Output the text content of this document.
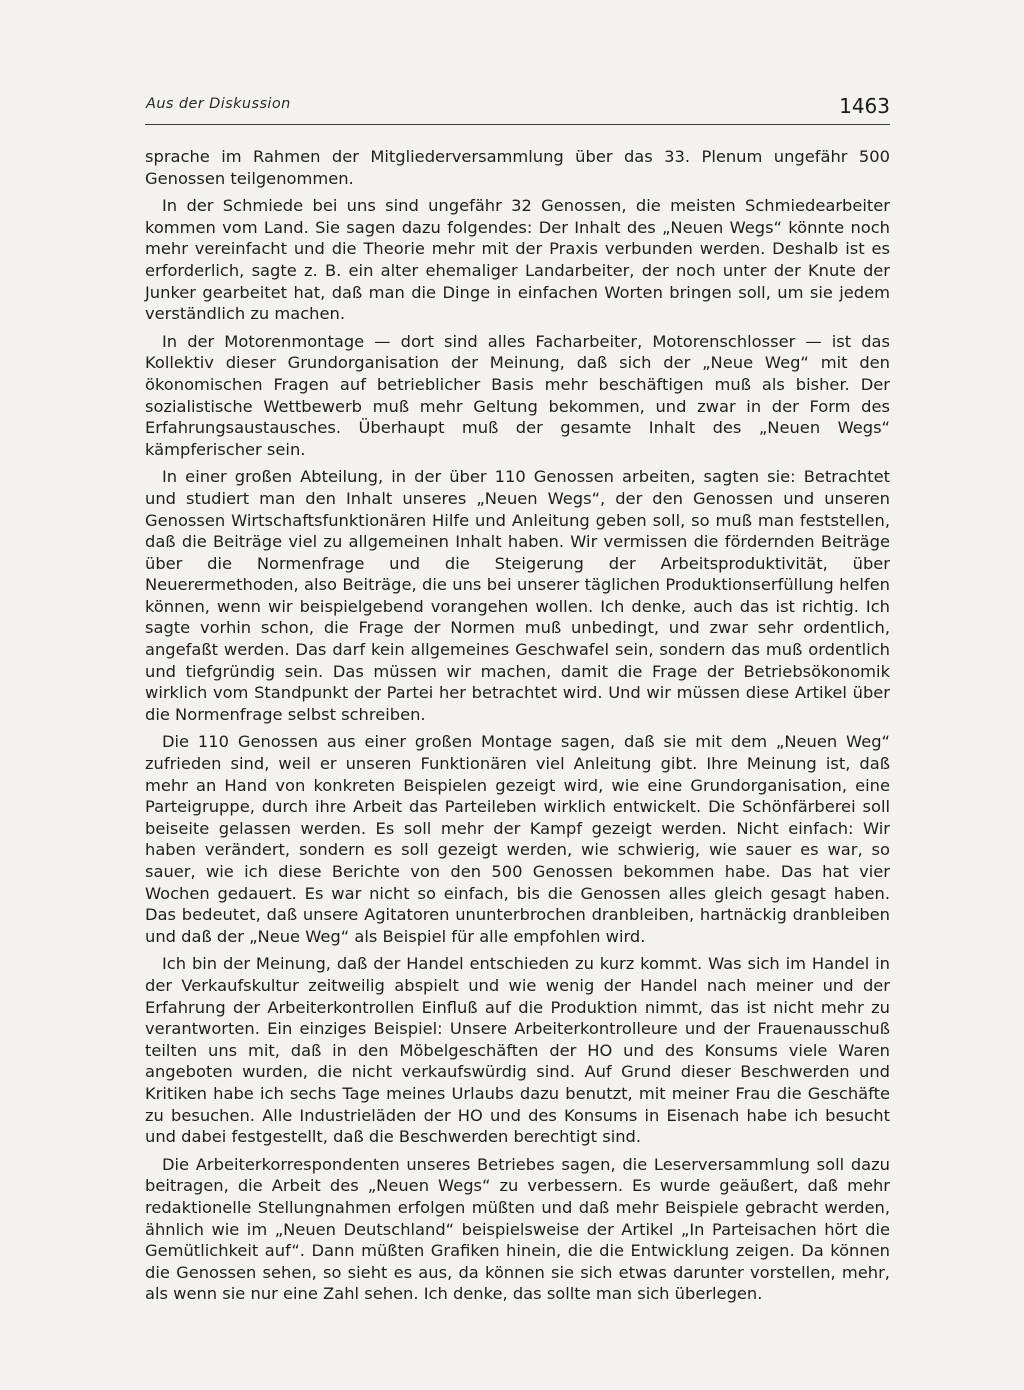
Aus der Diskussion	1463

sprache im Rahmen der Mitgliederversammlung über das 33. Plenum ungefähr 500 Genossen teilgenommen.

In der Schmiede bei uns sind ungefähr 32 Genossen, die meisten Schmiedearbeiter kommen vom Land. Sie sagen dazu folgendes: Der Inhalt des „Neuen Wegs“ könnte noch mehr vereinfacht und die Theorie mehr mit der Praxis verbunden werden. Deshalb ist es erforderlich, sagte z. B. ein alter ehemaliger Landarbeiter, der noch unter der Knute der Junker gearbeitet hat, daß man die Dinge in einfachen Worten bringen soll, um sie jedem verständlich zu machen.

In der Motorenmontage — dort sind alles Facharbeiter, Motorenschlosser — ist das Kollektiv dieser Grundorganisation der Meinung, daß sich der „Neue Weg“ mit den ökonomischen Fragen auf betrieblicher Basis mehr beschäftigen muß als bisher. Der sozialistische Wettbewerb muß mehr Geltung bekommen, und zwar in der Form des Erfahrungsaustausches. Überhaupt muß der gesamte Inhalt des „Neuen Wegs“ kämpferischer sein.

In einer großen Abteilung, in der über 110 Genossen arbeiten, sagten sie: Betrachtet und studiert man den Inhalt unseres „Neuen Wegs“, der den Genossen und unseren Genossen Wirtschaftsfunktionären Hilfe und Anleitung geben soll, so muß man feststellen, daß die Beiträge viel zu allgemeinen Inhalt haben. Wir vermissen die fördernden Beiträge über die Normenfrage und die Steigerung der Arbeitsproduktivität, über Neuerermethoden, also Beiträge, die uns bei unserer täglichen Produktionserfüllung helfen können, wenn wir beispielgebend vorangehen wollen. Ich denke, auch das ist richtig. Ich sagte vorhin schon, die Frage der Normen muß unbedingt, und zwar sehr ordentlich, angefaßt werden. Das darf kein allgemeines Geschwafel sein, sondern das muß ordentlich und tiefgründig sein. Das müssen wir machen, damit die Frage der Betriebsökonomik wirklich vom Standpunkt der Partei her betrachtet wird. Und wir müssen diese Artikel über die Normenfrage selbst schreiben.

Die 110 Genossen aus einer großen Montage sagen, daß sie mit dem „Neuen Weg“ zufrieden sind, weil er unseren Funktionären viel Anleitung gibt. Ihre Meinung ist, daß mehr an Hand von konkreten Beispielen gezeigt wird, wie eine Grundorganisation, eine Parteigruppe, durch ihre Arbeit das Parteileben wirklich entwickelt. Die Schönfärberei soll beiseite gelassen werden. Es soll mehr der Kampf gezeigt werden. Nicht einfach: Wir haben verändert, sondern es soll gezeigt werden, wie schwierig, wie sauer es war, so sauer, wie ich diese Berichte von den 500 Genossen bekommen habe. Das hat vier Wochen gedauert. Es war nicht so einfach, bis die Genossen alles gleich gesagt haben. Das bedeutet, daß unsere Agitatoren ununterbrochen dranbleiben, hartnäckig dranbleiben und daß der „Neue Weg“ als Beispiel für alle empfohlen wird.

Ich bin der Meinung, daß der Handel entschieden zu kurz kommt. Was sich im Handel in der Verkaufskultur zeitweilig abspielt und wie wenig der Handel nach meiner und der Erfahrung der Arbeiterkontrollen Einfluß auf die Produktion nimmt, das ist nicht mehr zu verantworten. Ein einziges Beispiel: Unsere Arbeiterkontrolleure und der Frauenausschuß teilten uns mit, daß in den Möbelgeschäften der HO und des Konsums viele Waren angeboten wurden, die nicht verkaufswürdig sind. Auf Grund dieser Beschwerden und Kritiken habe ich sechs Tage meines Urlaubs dazu benutzt, mit meiner Frau die Geschäfte zu besuchen. Alle Industrieläden der HO und des Konsums in Eisenach habe ich besucht und dabei festgestellt, daß die Beschwerden berechtigt sind.

Die Arbeiterkorrespondenten unseres Betriebes sagen, die Leserversammlung soll dazu beitragen, die Arbeit des „Neuen Wegs“ zu verbessern. Es wurde geäußert, daß mehr redaktionelle Stellungnahmen erfolgen müßten und daß mehr Beispiele gebracht werden, ähnlich wie im „Neuen Deutschland“ beispielsweise der Artikel „In Parteisachen hört die Gemütlichkeit auf“. Dann müßten Grafiken hinein, die die Entwicklung zeigen. Da können die Genossen sehen, so sieht es aus, da können sie sich etwas darunter vorstellen, mehr, als wenn sie nur eine Zahl sehen. Ich denke, das sollte man sich überlegen.
